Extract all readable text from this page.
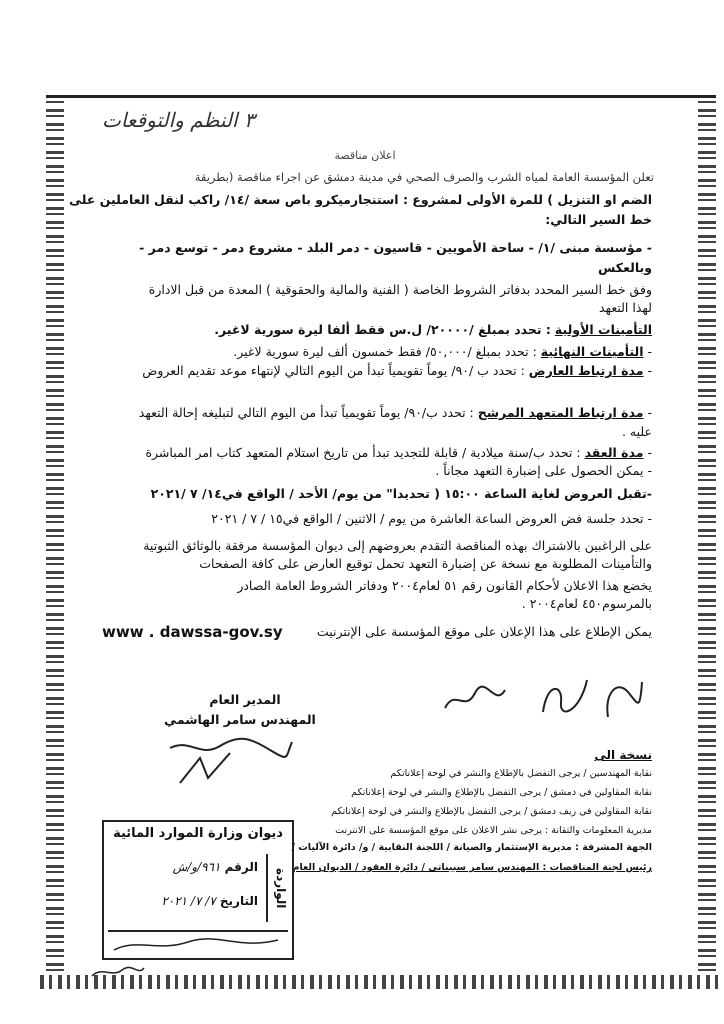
٣ النظم والتوقعات
اعلان مناقصة
تعلن المؤسسة العامة لمياه الشرب والصرف الصحي في مدينة دمشق عن اجراء مناقصة (بطريقة
الضم او التنزيل ) للمرة الأولى لمشروع : استنجارميكرو باص سعة /١٤/ راكب لنقل العاملين على
خط السير التالي:
- مؤسسة مبنى /١/ - ساحة الأمويين - قاسيون - دمر البلد - مشروع دمر - توسع دمر -
وبالعكس
وفق خط السير المحدد بدفاتر الشروط الخاصة ( الفنية والمالية والحقوقية ) المعدة من قبل الادارة
لهذا التعهد
التأمينات الأولية : تحدد بمبلغ /٢٠٠٠٠/ ل.س فقط ألفا ليرة سورية لاغير.
- التأمينات النهائية : تحدد بمبلغ /٥٠,٠٠٠/ فقط خمسون ألف ليرة سورية لاغير.
- مدة ارتباط العارض : تحدد ب /٩٠/ يوماً تقويمياً تبدأ من اليوم التالي لإنتهاء موعد تقديم العروض
- مدة ارتباط المتعهد المرشح : تحدد ب/٩٠/ يوماً تقويمياً تبدأ من اليوم التالي لتبليغه إحالة التعهد
عليه .
- مدة العقد : تحدد ب/سنة ميلادية / قابلة للتجديد تبدأ من تاريخ استلام المتعهد كتاب امر المباشرة
- يمكن الحصول على إضبارة التعهد مجاناً .
-تقبل العروض لغاية الساعة ١٥:٠٠ ( تحديدا" من يوم/ الأحد / الواقع في١٤/ ٧ /٢٠٢١
- تحدد جلسة فض العروض الساعة العاشرة من يوم / الاثنين / الواقع في١٥ / ٧ / ٢٠٢١
على الراغبين بالاشتراك بهذه المناقصة التقدم بعروضهم إلى ديوان المؤسسة مرفقة بالوثائق الثبوتية
والتأمينات المطلوبة مع نسخة عن إضبارة التعهد تحمل توقيع العارض على كافة الصفحات
يخضع هذا الاعلان لأحكام القانون رقم ٥١ لعام٢٠٠٤ ودفاتر الشروط العامة الصادر
بالمرسوم٤٥٠ لعام٢٠٠٤ .
يمكن الإطلاع على هذا الإعلان على موقع المؤسسة على الإنترنيت
www . dawssa-gov.sy
المدير العام
المهندس سامر الهاشمي
نسخة الى
نقابة المهندسين / يرجى التفضل بالإطلاع والنشر في لوحة إعلاناتكم
نقابة المقاولين في دمشق / يرجى التفضل بالإطلاع والنشر في لوحة إعلاناتكم
نقابة المقاولين في ريف دمشق / يرجى التفضل بالإطلاع والنشر في لوحة إعلاناتكم
مديرية المعلومات والتقانة : يرجى نشر الاعلان على موقع المؤسسة على الانترنت
الجهة المشرفة : مديرية الإستثمار والصيانة / اللجنة النقابية / و/ دائرة الآليات /
رئيس لجنة المناقصات : المهندس سامر سبيناتي / دائرة العقود / الديوان العام
ديوان وزارة الموارد المائية
الواردة
الرقم ٩٦١/و/ش
التاريخ ٧/ ٧/ ٢٠٢١
